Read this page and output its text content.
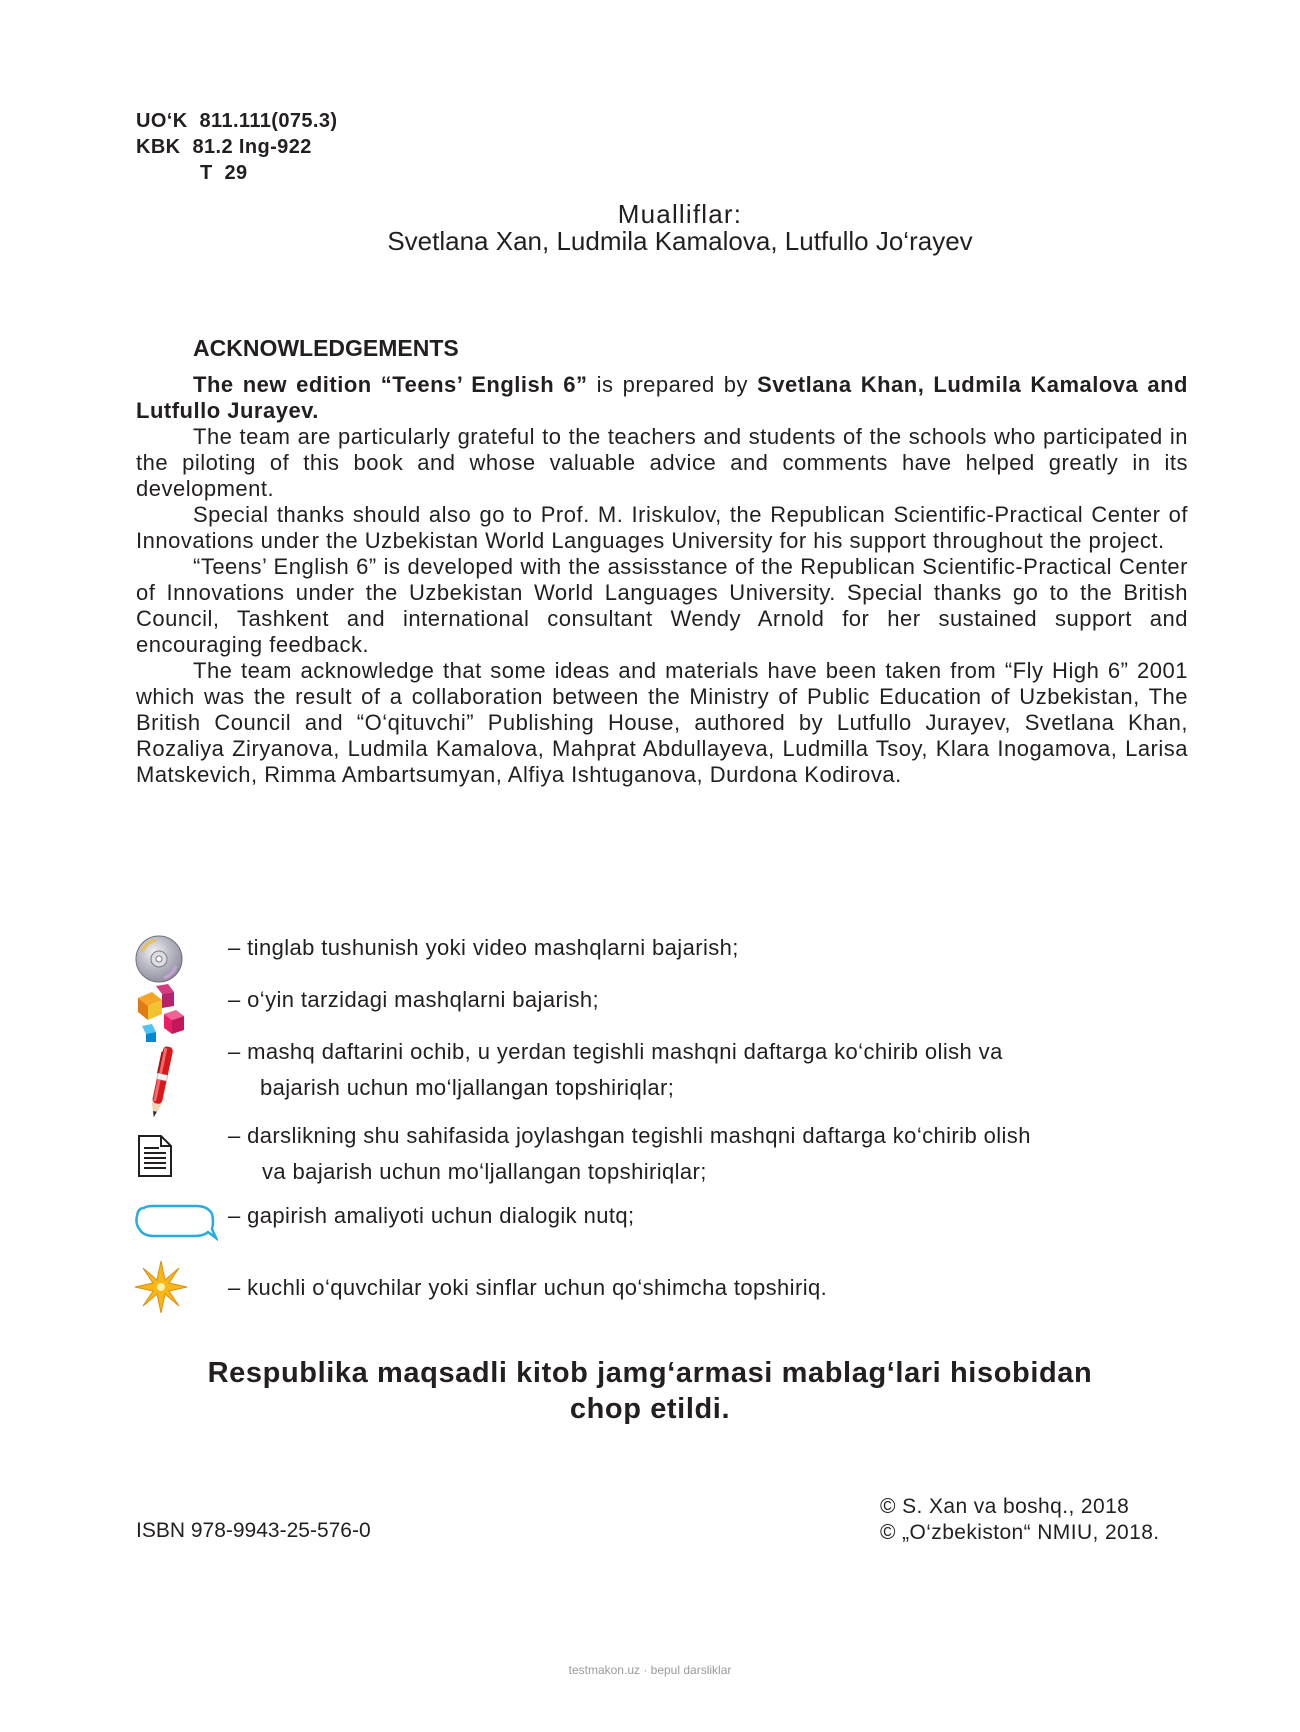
UO‘K  811.111(075.3)
KBK  81.2 Ing-922
T  29
Mualliflar:
Svetlana Xan, Ludmila Kamalova, Lutfullo Jo‘rayev
ACKNOWLEDGEMENTS

The new edition “Teens’ English 6” is prepared by Svetlana Khan, Ludmila Kamalova and Lutfullo Jurayev.

The team are particularly grateful to the teachers and students of the schools who participated in the piloting of this book and whose valuable advice and comments have helped greatly in its development.

Special thanks should also go to Prof. M. Iriskulov, the Republican Scientific-Practical Center of Innovations under the Uzbekistan World Languages University for his support throughout the project.

“Teens’ English 6” is developed with the assisstance of the Republican Scientific-Practical Center of Innovations under the Uzbekistan World Languages University. Special thanks go to the British Council, Tashkent and international consultant Wendy Arnold for her sustained support and encouraging feedback.

The team acknowledge that some ideas and materials have been taken from “Fly High 6” 2001 which was the result of a collaboration between the Ministry of Public Education of Uzbekistan, The British Council and “O‘qituvchi” Publishing House, authored by Lutfullo Jurayev, Svetlana Khan, Rozaliya Ziryanova, Ludmila Kamalova, Mahprat Abdullayeva, Ludmilla Tsoy, Klara Inogamova, Larisa Matskevich, Rimma Ambartsumyan, Alfiya Ishtuganova, Durdona Kodirova.

– tinglab tushunish yoki video mashqlarni bajarish;
– o‘yin tarzidagi mashqlarni bajarish;
– mashq daftarini ochib, u yerdan tegishli mashqni daftarga ko‘chirib olish va
bajarish uchun mo‘ljallangan topshiriqlar;
– darslikning shu sahifasida joylashgan tegishli mashqni daftarga ko‘chirib olish
va bajarish uchun mo‘ljallangan topshiriqlar;
– gapirish amaliyoti uchun dialogik nutq;
– kuchli o‘quvchilar yoki sinflar uchun qo‘shimcha topshiriq.
Respublika maqsadli kitob jamg‘armasi mablag‘lari hisobidan
chop etildi.
ISBN 978-9943-25-576-0
© S. Xan va boshq., 2018
© „O‘zbekiston“ NMIU, 2018.
testmakon.uz · bepul darsliklar
